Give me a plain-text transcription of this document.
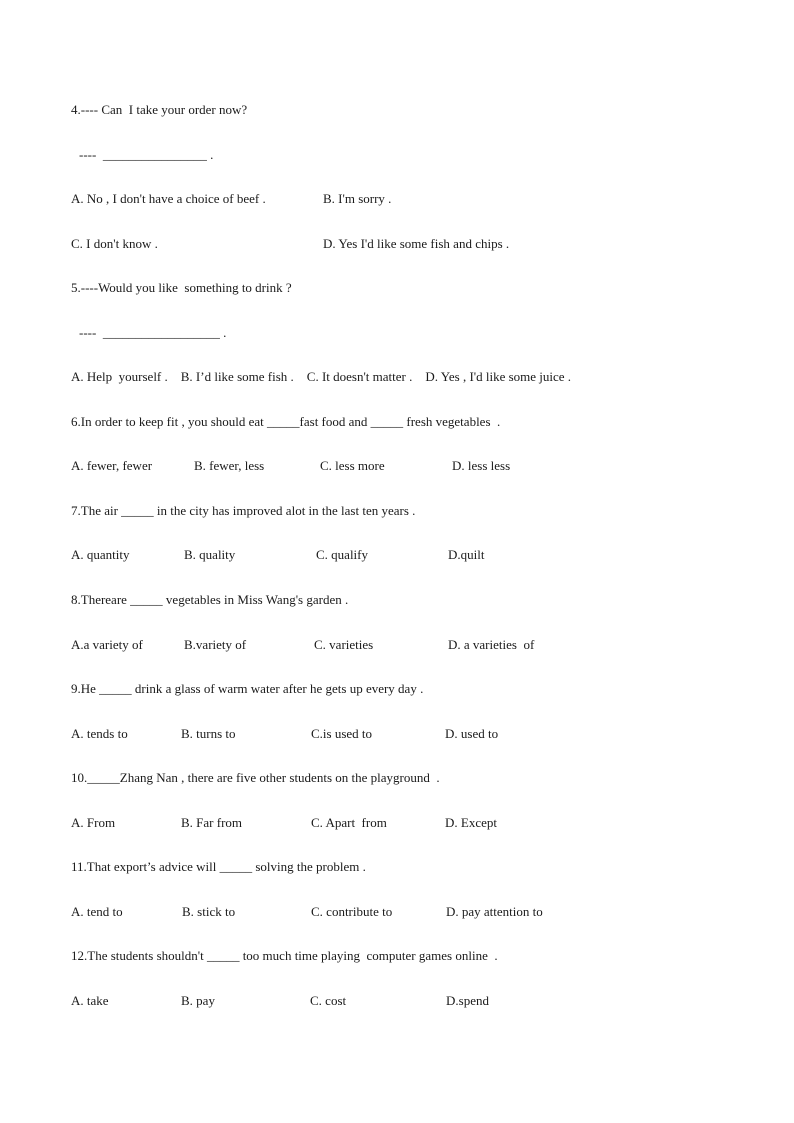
4.---- Can  I take your order now?
----  ________________ .
A. No , I don't have a choice of beef .	B. I'm sorry .
C. I don't know .	D. Yes I'd like some fish and chips .
5.----Would you like  something to drink ?
----  __________________ .
A. Help  yourself .    B. I’d like some fish .    C. It doesn't matter .    D. Yes , I'd like some juice .
6.In order to keep fit , you should eat _____fast food and _____ fresh vegetables  .
A. fewer, fewer	B. fewer, less	C. less more	D. less less
7.The air _____ in the city has improved alot in the last ten years .
A. quantity	B. quality	C. qualify	D.quilt
8.Thereare _____ vegetables in Miss Wang's garden .
A.a variety of	B.variety of	C. varieties	D. a varieties  of
9.He _____ drink a glass of warm water after he gets up every day .
A. tends to	B. turns to	C.is used to	D. used to
10._____Zhang Nan , there are five other students on the playground  .
A. From	B. Far from	C. Apart  from	D. Except
11.That export’s advice will _____ solving the problem .
A. tend to	B. stick to	C. contribute to	D. pay attention to
12.The students shouldn't _____ too much time playing  computer games online  .
A. take	B. pay	C. cost	D.spend
